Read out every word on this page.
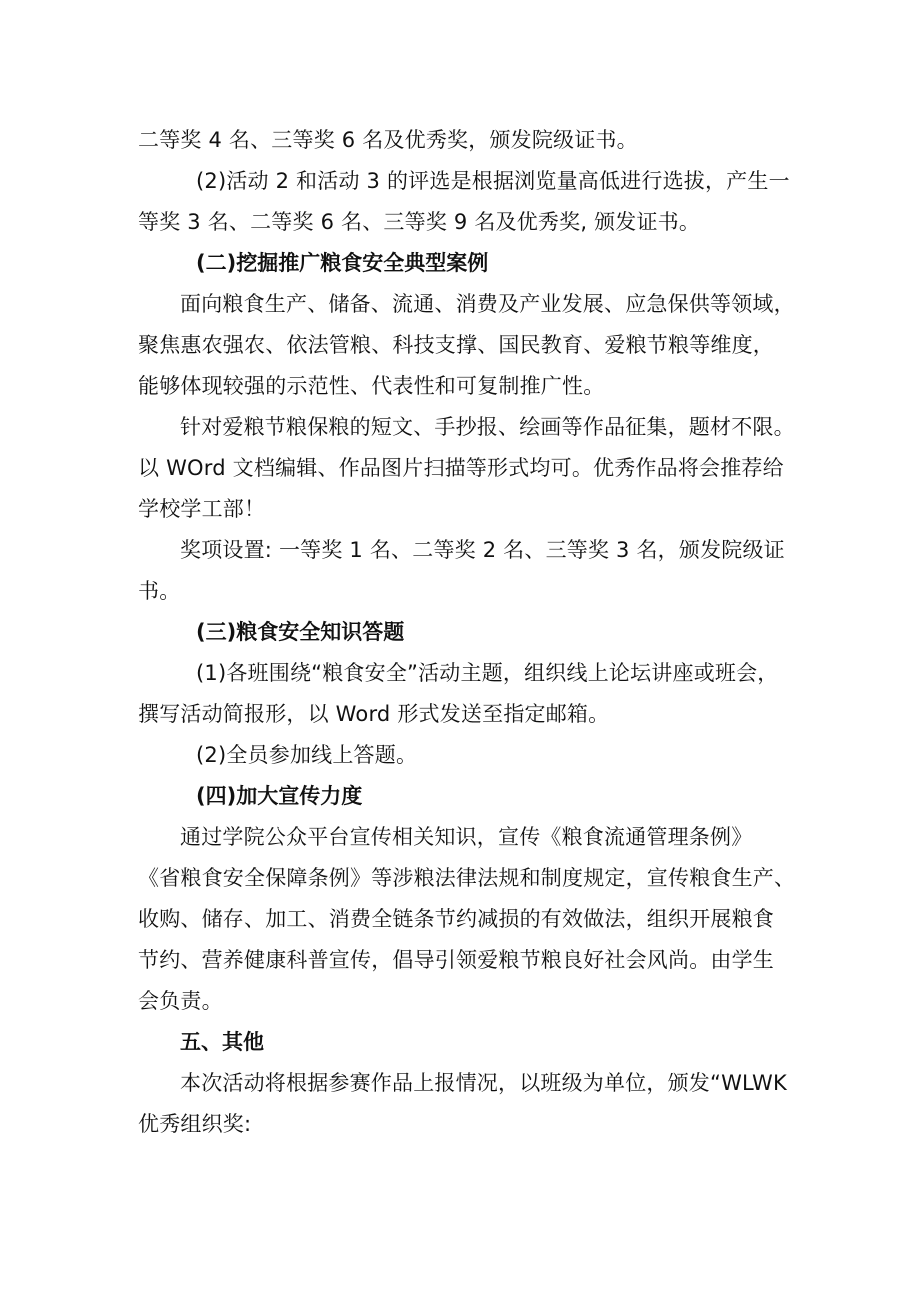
二等奖 4 名、三等奖 6 名及优秀奖，颁发院级证书。
(2)活动 2 和活动 3 的评选是根据浏览量高低进行选拔，产生一
等奖 3 名、二等奖 6 名、三等奖 9 名及优秀奖, 颁发证书。
(二)挖掘推广粮食安全典型案例
面向粮食生产、储备、流通、消费及产业发展、应急保供等领域，
聚焦惠农强农、依法管粮、科技支撑、国民教育、爱粮节粮等维度，
能够体现较强的示范性、代表性和可复制推广性。
针对爱粮节粮保粮的短文、手抄报、绘画等作品征集，题材不限。
以 WOrd 文档编辑、作品图片扫描等形式均可。优秀作品将会推荐给
学校学工部！
奖项设置: 一等奖 1 名、二等奖 2 名、三等奖 3 名，颁发院级证
书。
(三)粮食安全知识答题
(1)各班围绕“粮食安全”活动主题，组织线上论坛讲座或班会，
撰写活动简报形，以 Word 形式发送至指定邮箱。
(2)全员参加线上答题。
(四)加大宣传力度
通过学院公众平台宣传相关知识，宣传《粮食流通管理条例》
《省粮食安全保障条例》等涉粮法律法规和制度规定，宣传粮食生产、
收购、储存、加工、消费全链条节约减损的有效做法，组织开展粮食
节约、营养健康科普宣传，倡导引领爱粮节粮良好社会风尚。由学生
会负责。
五、其他
本次活动将根据参赛作品上报情况，以班级为单位，颁发“WLWK
优秀组织奖:
